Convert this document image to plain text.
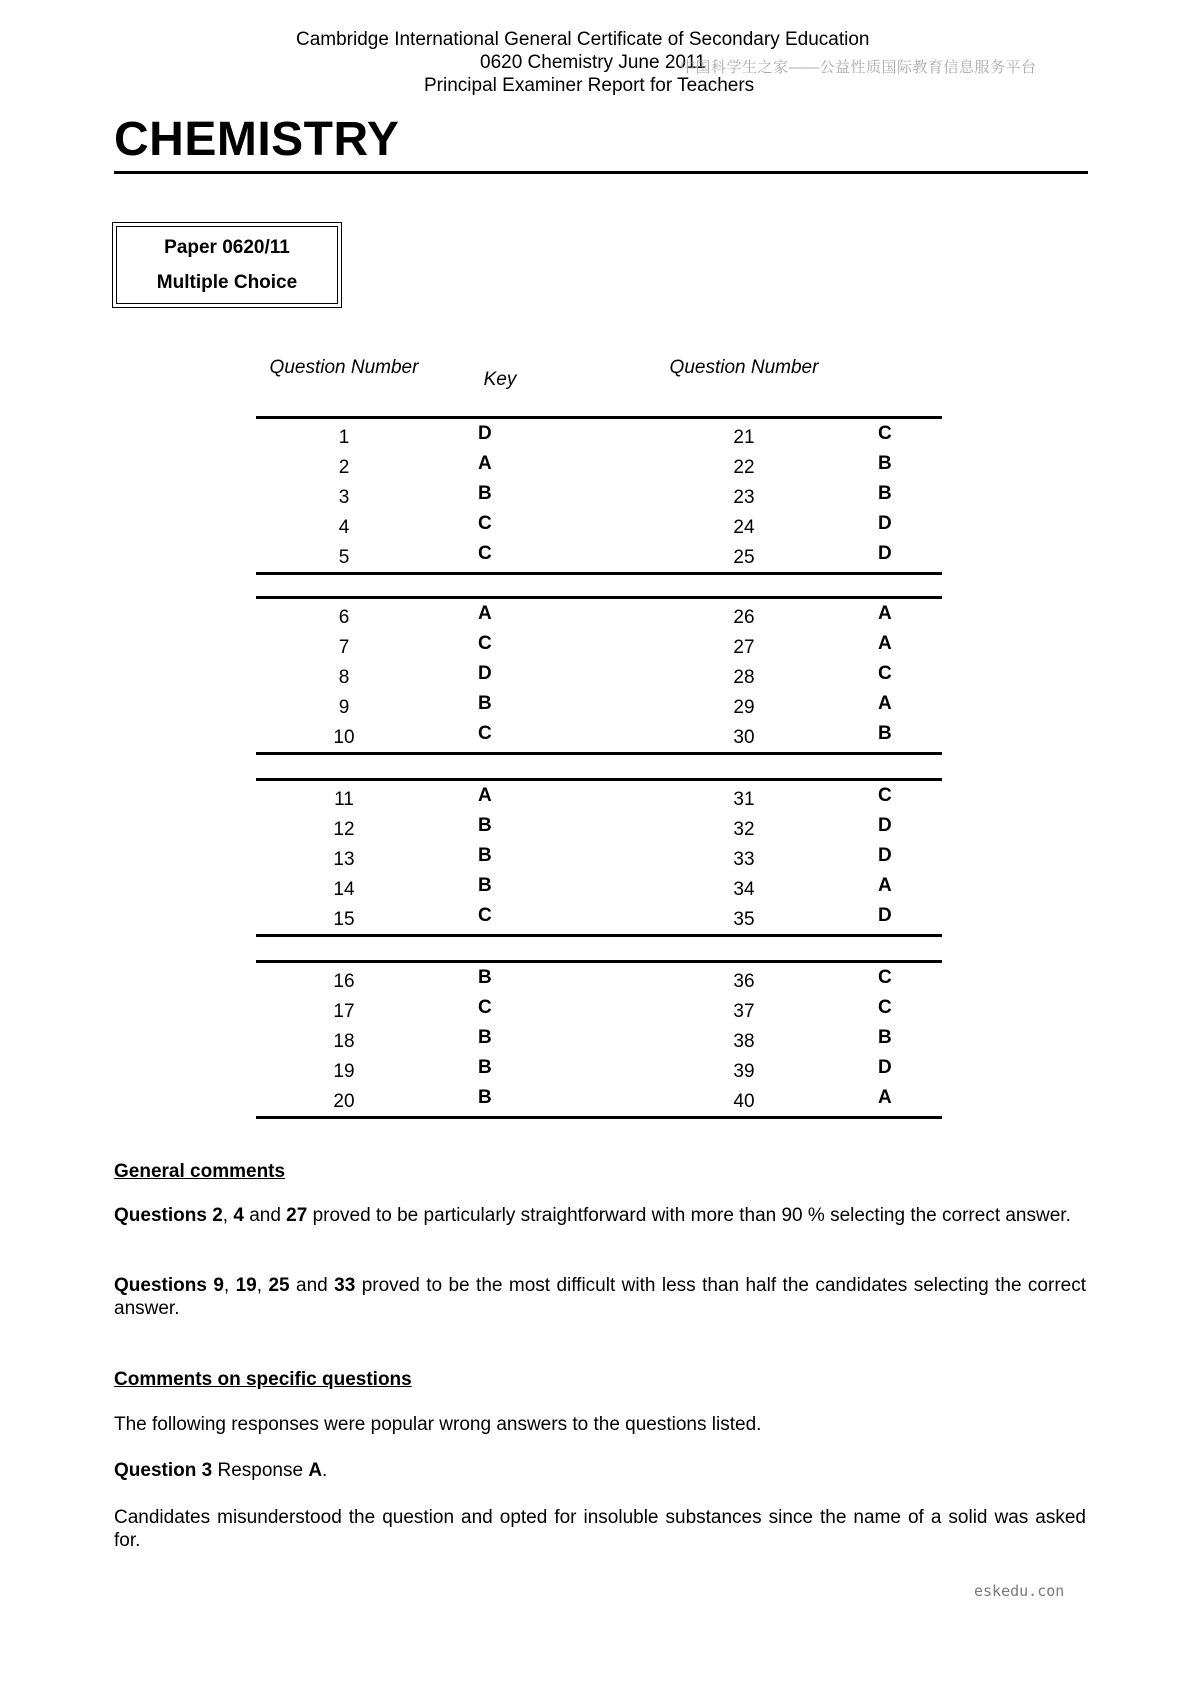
Cambridge International General Certificate of Secondary Education
0620 Chemistry June 2011
Principal Examiner Report for Teachers
中国科学生之家——公益性质国际教育信息服务平台
CHEMISTRY
Paper 0620/11
Multiple Choice
Question Number
Key
Question Number
1	D	21	C
2	A	22	B
3	B	23	B
4	C	24	D
5	C	25	D
6	A	26	A
7	C	27	A
8	D	28	C
9	B	29	A
10	C	30	B
11	A	31	C
12	B	32	D
13	B	33	D
14	B	34	A
15	C	35	D
16	B	36	C
17	C	37	C
18	B	38	B
19	B	39	D
20	B	40	A
General comments
Questions 2, 4 and 27 proved to be particularly straightforward with more than 90 % selecting the correct answer.
Questions 9, 19, 25 and 33 proved to be the most difficult with less than half the candidates selecting the correct answer.
Comments on specific questions
The following responses were popular wrong answers to the questions listed.
Question 3 Response A.
Candidates misunderstood the question and opted for insoluble substances since the name of a solid was asked for.
eskedu.con
